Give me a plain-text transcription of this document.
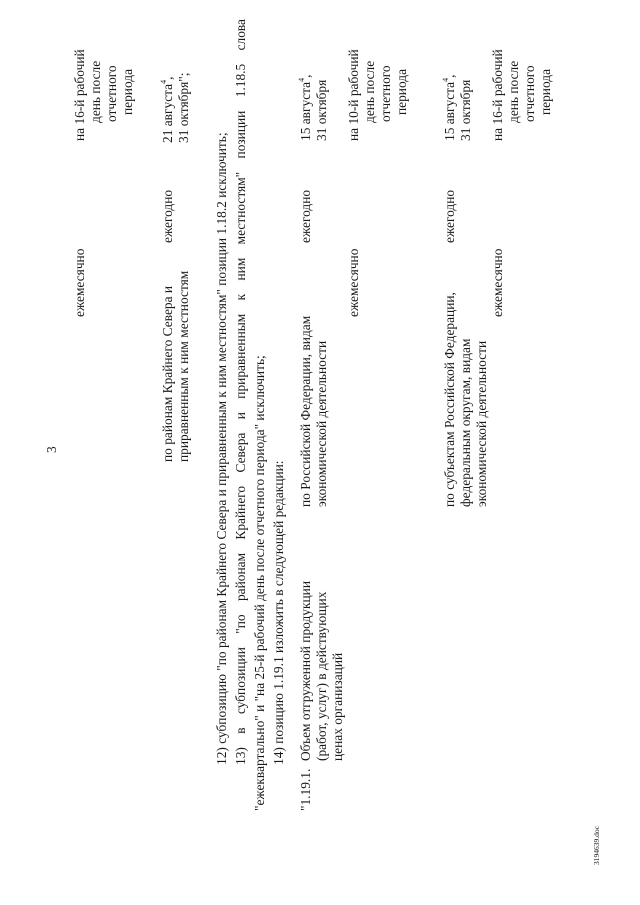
3
ежемесячно
на 16-й рабочий день после отчетного периода
по районам Крайнего Севера и приравненным к ним местностям
ежегодно
21 августа$^4$, 31 октября";
12) субпозицию "по районам Крайнего Севера и приравненным к ним местностям" позиции 1.18.2 исключить; 13) в субпозиции "по районам Крайнего Севера и приравненным к ним местностям" позиции 1.18.5 слова "ежеквартально" и "на 25-й рабочий день после отчетного периода" исключить; 14) позицию 1.19.1 изложить в следующей редакции:
"1.19.1.
Объем отгруженной продукции (работ, услуг) в действующих ценах организаций
по Российской Федерации, видам экономической деятельности
ежегодно
15 августа$^4$,
31 октября
ежемесячно
на 10-й рабочий день после отчетного периода
по субъектам Российской Федерации, федеральным округам, видам экономической деятельности
ежегодно
15 августа$^4$,
31 октября
ежемесячно
на 16-й рабочий день после отчетного периода
3194639.doc
